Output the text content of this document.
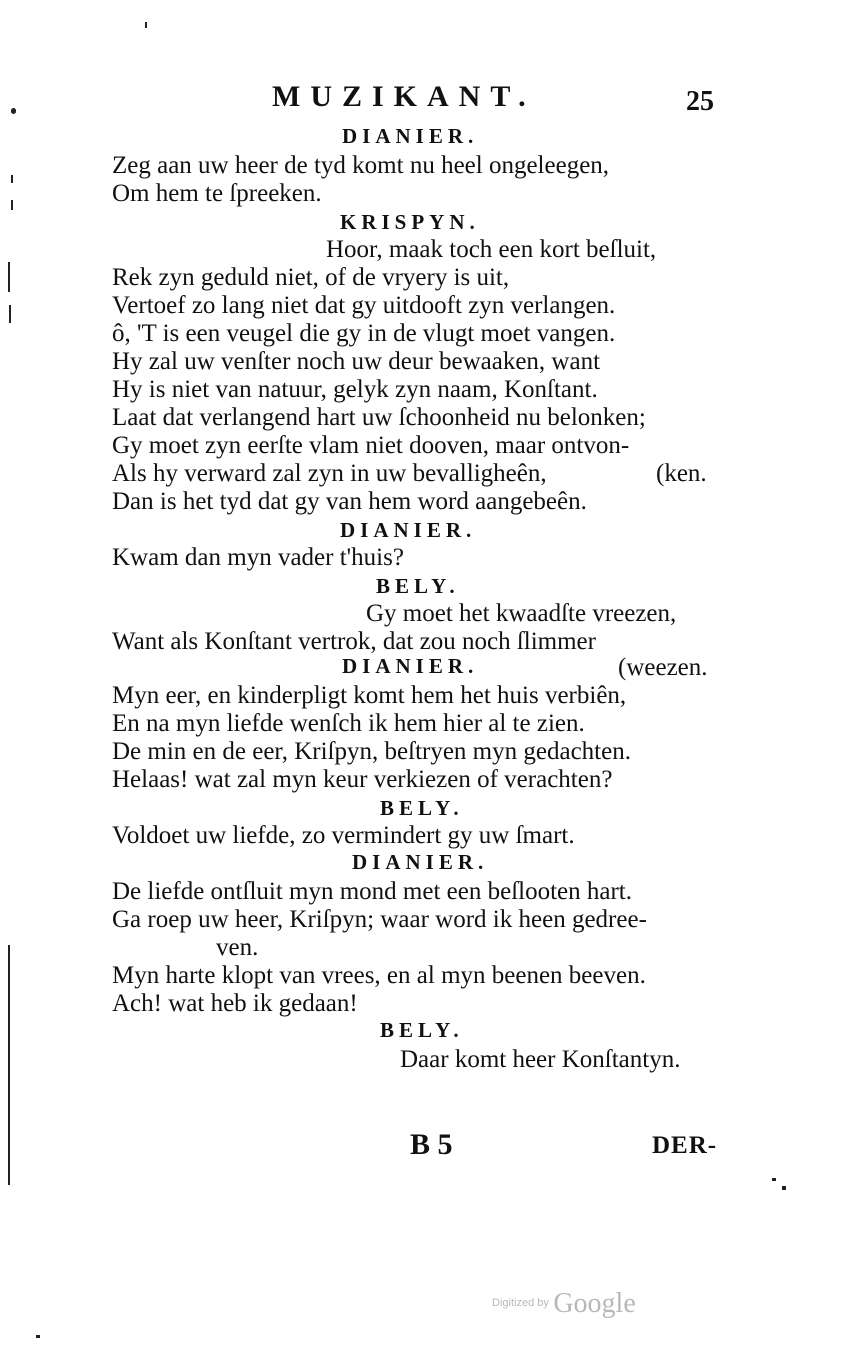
MUZIKANT.	25
DIANIER.
Zeg aan uw heer de tyd komt nu heel ongeleegen,
Om hem te ſpreeken.
KRISPYN.
Hoor, maak toch een kort beſluit,
Rek zyn geduld niet, of de vryery is uit,
Vertoef zo lang niet dat gy uitdooft zyn verlangen.
ô, 'T is een veugel die gy in de vlugt moet vangen.
Hy zal uw venſter noch uw deur bewaaken, want
Hy is niet van natuur, gelyk zyn naam, Konſtant.
Laat dat verlangend hart uw ſchoonheid nu belonken;
Gy moet zyn eerſte vlam niet dooven, maar ontvon-
Als hy verward zal zyn in uw bevalligheên,	(ken.
Dan is het tyd dat gy van hem word aangebeên.
DIANIER.
Kwam dan myn vader t'huis?
BELY.
Gy moet het kwaadſte vreezen,
Want als Konſtant vertrok, dat zou noch ſlimmer
DIANIER.	(weezen.
Myn eer, en kinderpligt komt hem het huis verbiên,
En na myn liefde wenſch ik hem hier al te zien.
De min en de eer, Kriſpyn, beſtryen myn gedachten.
Helaas! wat zal myn keur verkiezen of verachten?
BELY.
Voldoet uw liefde, zo vermindert gy uw ſmart.
DIANIER.
De liefde ontſluit myn mond met een beſlooten hart.
Ga roep uw heer, Kriſpyn; waar word ik heen gedree-
ven.
Myn harte klopt van vrees, en al myn beenen beeven.
Ach! wat heb ik gedaan!
BELY.
Daar komt heer Konſtantyn.
B 5	DER-
$^{Digitized by}$ Google
